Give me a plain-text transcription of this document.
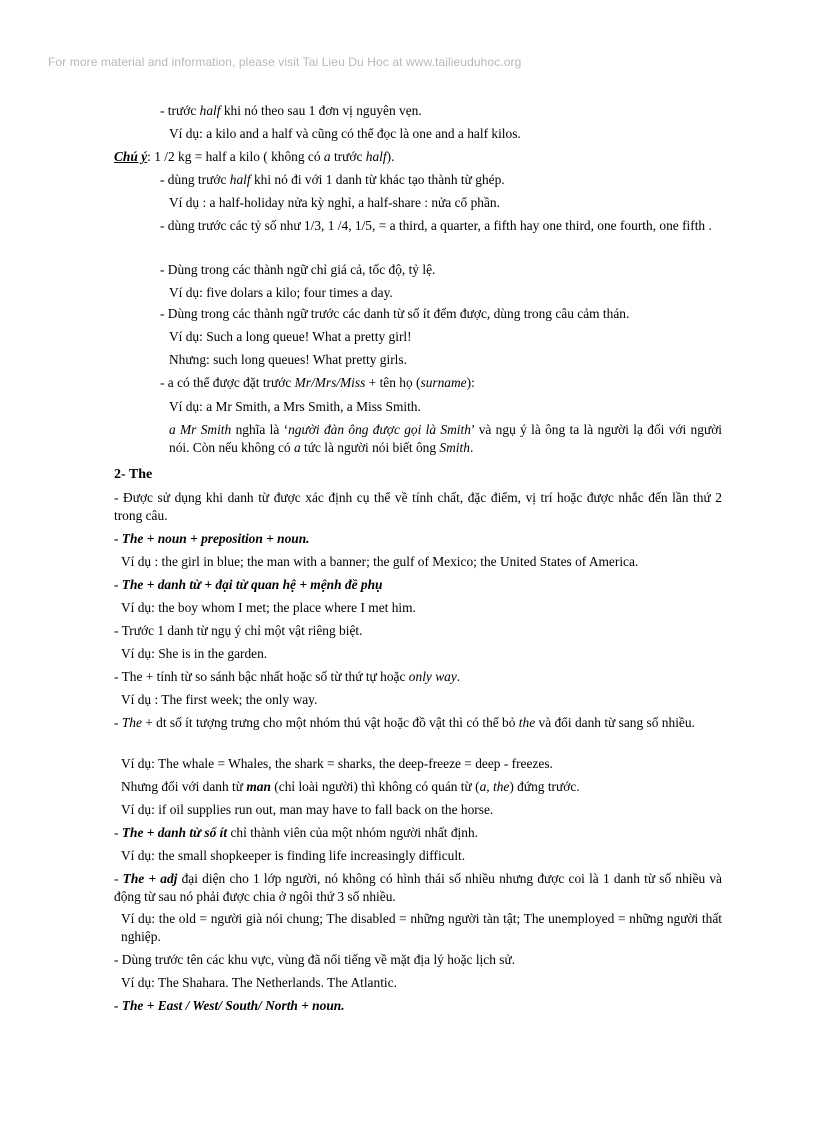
For more material and information, please visit Tai Lieu Du Hoc at www.tailieuduhoc.org
- trước half khi nó theo sau 1 đơn vị nguyên vẹn.
Ví dụ: a kilo and a half và cũng có thể đọc là one and a half kilos.
Chú ý: 1 /2 kg = half a kilo ( không có a trước half).
- dùng trước half khi nó đi với 1 danh từ khác tạo thành từ ghép.
Ví dụ : a half-holiday nửa kỳ nghỉ, a half-share : nửa cổ phần.
- dùng trước các tỷ số như 1/3, 1 /4, 1/5, = a third, a quarter, a fifth hay one third, one fourth, one fifth .
- Dùng trong các thành ngữ chỉ giá cả, tốc độ, tỷ lệ.
Ví dụ: five dolars a kilo; four times a day.
- Dùng trong các thành ngữ trước các danh từ số ít đếm được, dùng trong câu cảm thán.
Ví dụ: Such a long queue! What a pretty girl!
Nhưng: such long queues! What pretty girls.
- a có thể được đặt trước Mr/Mrs/Miss + tên họ (surname):
Ví dụ: a Mr Smith, a Mrs Smith, a Miss Smith.
a Mr Smith nghĩa là ‘người đàn ông được gọi là Smith’ và ngụ ý là ông ta là người lạ đối với người nói. Còn nếu không có a tức là người nói biết ông Smith.
2- The
- Được sử dụng khi danh từ được xác định cụ thể về tính chất, đặc điểm, vị trí hoặc được nhắc đến lần thứ 2 trong câu.
- The + noun + preposition + noun.
Ví dụ : the girl in blue; the man with a banner; the gulf of Mexico; the United States of America.
- The + danh từ + đại từ quan hệ + mệnh đề phụ
Ví dụ: the boy whom I met; the place where I met him.
- Trước 1 danh từ ngụ ý chỉ một vật riêng biệt.
Ví dụ: She is in the garden.
- The + tính từ so sánh bậc nhất hoặc số từ thứ tự hoặc only way.
Ví dụ : The first week; the only way.
- The + dt số ít tượng trưng cho một nhóm thú vật hoặc đồ vật thì có thể bỏ the và đổi danh từ sang số nhiều.
Ví dụ: The whale = Whales, the shark = sharks, the deep-freeze = deep - freezes.
Nhưng đối với danh từ man (chỉ loài người) thì không có quán từ (a, the) đứng trước.
Ví dụ: if oil supplies run out, man may have to fall back on the horse.
- The + danh từ số ít chỉ thành viên của một nhóm người nhất định.
Ví dụ: the small shopkeeper is finding life increasingly difficult.
- The + adj đại diện cho 1 lớp người, nó không có hình thái số nhiều nhưng được coi là 1 danh từ số nhiều và động từ sau nó phải được chia ở ngôi thứ 3 số nhiều.
Ví dụ: the old = người già nói chung; The disabled = những người tàn tật; The unemployed = những người thất nghiệp.
- Dùng trước tên các khu vực, vùng đã nổi tiếng về mặt địa lý hoặc lịch sử.
Ví dụ: The Shahara. The Netherlands. The Atlantic.
- The + East / West/ South/ North + noun.
